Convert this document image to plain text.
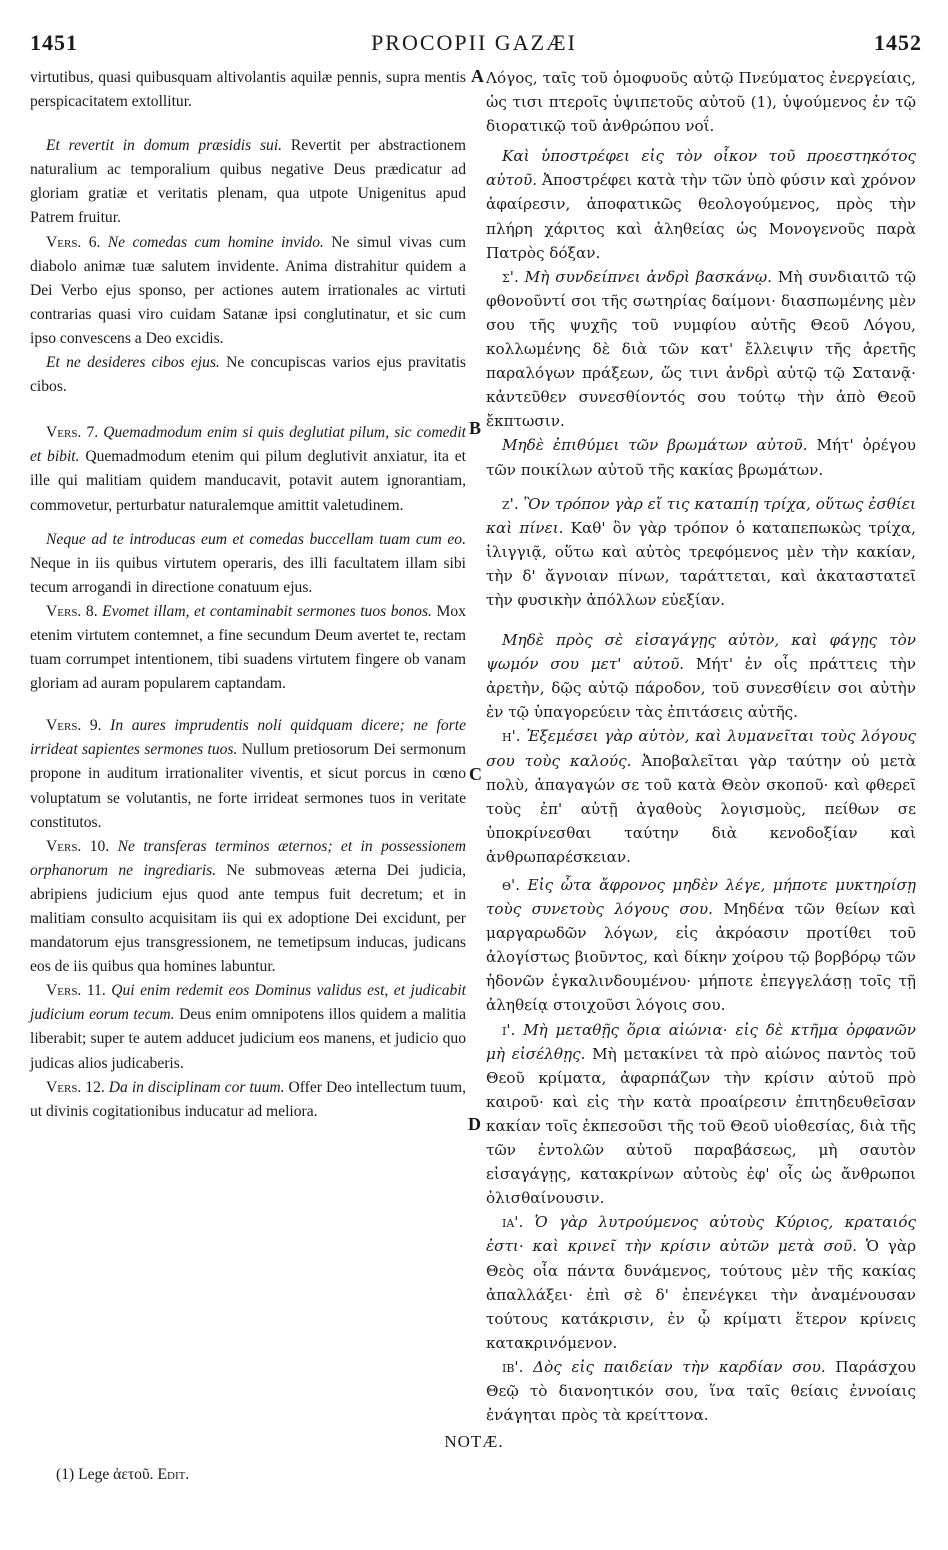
1451	PROCOPII GAZÆI	1452
A
B
C
D

virtutibus, quasi quibusquam altivolantis aquilæ pennis, supra mentis perspicacitatem extollitur.

Et revertit in domum præsidis sui. Revertit per abstractionem naturalium ac temporalium quibus negative Deus prædicatur ad gloriam gratiæ et veritatis plenam, qua utpote Unigenitus apud Patrem fruitur.

Vers. 6. Ne comedas cum homine invido. Ne simul vivas cum diabolo animæ tuæ salutem invidente. Anima distrahitur quidem a Dei Verbo ejus sponso, per actiones autem irrationales ac virtuti contrarias quasi viro cuidam Satanæ ipsi conglutinatur, et sic cum ipso convescens a Deo excidis.

Et ne desideres cibos ejus. Ne concupiscas varios ejus pravitatis cibos.

Vers. 7. Quemadmodum enim si quis deglutiat pilum, sic comedit et bibit. Quemadmodum etenim qui pilum deglutivit anxiatur, ita et ille qui malitiam quidem manducavit, potavit autem ignorantiam, commovetur, perturbatur naturalemque amittit valetudinem.

Neque ad te introducas eum et comedas buccellam tuam cum eo. Neque in iis quibus virtutem operaris, des illi facultatem illam sibi tecum arrogandi in directione conatuum ejus.

Vers. 8. Evomet illam, et contaminabit sermones tuos bonos. Mox etenim virtutem contemnet, a fine secundum Deum avertet te, rectam tuam corrumpet intentionem, tibi suadens virtutem fingere ob vanam gloriam ad auram popularem captandam.

Vers. 9. In aures imprudentis noli quidquam dicere; ne forte irrideat sapientes sermones tuos. Nullum pretiosorum Dei sermonum propone in auditum irrationaliter viventis, et sicut porcus in cœno voluptatum se volutantis, ne forte irrideat sermones tuos in veritate constitutos.

Vers. 10. Ne transferas terminos æternos; et in possessionem orphanorum ne ingrediaris. Ne submoveas æterna Dei judicia, abripiens judicium ejus quod ante tempus fuit decretum; et in malitiam consulto acquisitam iis qui ex adoptione Dei excidunt, per mandatorum ejus transgressionem, ne temetipsum inducas, judicans eos de iis quibus qua homines labuntur.

Vers. 11. Qui enim redemit eos Dominus validus est, et judicabit judicium eorum tecum. Deus enim omnipotens illos quidem a malitia liberabit; super te autem adducet judicium eos manens, et judicio quo judicas alios judicaberis.

Vers. 12. Da in disciplinam cor tuum. Offer Deo intellectum tuum, ut divinis cogitationibus inducatur ad meliora.

Λόγος, ταῖς τοῦ ὁμοφυοῦς αὐτῷ Πνεύματος ἐνεργείαις, ὡς τισι πτεροῖς ὑψιπετοῦς αὐτοῦ (1), ὑψούμενος ἐν τῷ διορατικῷ τοῦ ἀνθρώπου νοΐ.

Καὶ ὑποστρέφει εἰς τὸν οἶκον τοῦ προεστηκότος αὐτοῦ. Ἀποστρέφει κατὰ τὴν τῶν ὑπὸ φύσιν καὶ χρόνον ἀφαίρεσιν, ἀποφατικῶς θεολογούμενος, πρὸς τὴν πλήρη χάριτος καὶ ἀληθείας ὡς Μονογενοῦς παρὰ Πατρὸς δόξαν.

ς'. Μὴ συνδείπνει ἀνδρὶ βασκάνῳ. Μὴ συνδιαιτῶ τῷ φθονοῦντί σοι τῆς σωτηρίας δαίμονι· διασπωμένης μὲν σου τῆς ψυχῆς τοῦ νυμφίου αὐτῆς Θεοῦ Λόγου, κολλωμένης δὲ διὰ τῶν κατ' ἔλλειψιν τῆς ἀρετῆς παραλόγων πράξεων, ὥς τινι ἀνδρὶ αὐτῷ τῷ Σατανᾷ· κἀντεῦθεν συνεσθίοντός σου τούτῳ τὴν ἀπὸ Θεοῦ ἔκπτωσιν.

Μηδὲ ἐπιθύμει τῶν βρωμάτων αὐτοῦ. Μήτ' ὀρέγου τῶν ποικίλων αὐτοῦ τῆς κακίας βρωμάτων.

ζ'. Ὃν τρόπον γὰρ εἴ τις καταπίῃ τρίχα, οὕτως ἐσθίει καὶ πίνει. Καθ' ὃν γὰρ τρόπον ὁ καταπεπωκὼς τρίχα, ἰλιγγιᾷ, οὕτω καὶ αὐτὸς τρεφόμενος μὲν τὴν κακίαν, τὴν δ' ἄγνοιαν πίνων, ταράττεται, καὶ ἀκαταστατεῖ τὴν φυσικὴν ἀπόλλων εὐεξίαν.

Μηδὲ πρὸς σὲ εἰσαγάγῃς αὐτὸν, καὶ φάγῃς τὸν ψωμόν σου μετ' αὐτοῦ. Μήτ' ἐν οἷς πράττεις τὴν ἀρετὴν, δῷς αὐτῷ πάροδον, τοῦ συνεσθίειν σοι αὐτὴν ἐν τῷ ὑπαγορεύειν τὰς ἐπιτάσεις αὐτῆς.

η'. Ἐξεμέσει γὰρ αὐτὸν, καὶ λυμανεῖται τοὺς λόγους σου τοὺς καλούς. Ἀποβαλεῖται γὰρ ταύτην οὐ μετὰ πολὺ, ἀπαγαγών σε τοῦ κατὰ Θεὸν σκοποῦ· καὶ φθερεῖ τοὺς ἐπ' αὐτῇ ἀγαθοὺς λογισμοὺς, πείθων σε ὑποκρίνεσθαι ταύτην διὰ κενοδοξίαν καὶ ἀνθρωπαρέσκειαν.

θ'. Εἰς ὦτα ἄφρονος μηδὲν λέγε, μήποτε μυκτηρίσῃ τοὺς συνετοὺς λόγους σου. Μηδένα τῶν θείων καὶ μαργαρωδῶν λόγων, εἰς ἀκρόασιν προτίθει τοῦ ἀλογίστως βιοῦντος, καὶ δίκην χοίρου τῷ βορβόρῳ τῶν ἡδονῶν ἐγκαλινδουμένου· μήποτε ἐπεγγελάσῃ τοῖς τῇ ἀληθείᾳ στοιχοῦσι λόγοις σου.

ι'. Μὴ μεταθῇς ὅρια αἰώνια· εἰς δὲ κτῆμα ὀρφανῶν μὴ εἰσέλθῃς. Μὴ μετακίνει τὰ πρὸ αἰώνος παντὸς τοῦ Θεοῦ κρίματα, ἀφαρπάζων τὴν κρίσιν αὐτοῦ πρὸ καιροῦ· καὶ εἰς τὴν κατὰ προαίρεσιν ἐπιτηδευθεῖσαν κακίαν τοῖς ἐκπεσοῦσι τῆς τοῦ Θεοῦ υἱοθεσίας, διὰ τῆς τῶν ἐντολῶν αὐτοῦ παραβάσεως, μὴ σαυτὸν εἰσαγάγῃς, κατακρίνων αὐτοὺς ἐφ' οἷς ὡς ἄνθρωποι ὀλισθαίνουσιν.

ια'. Ὁ γὰρ λυτρούμενος αὐτοὺς Κύριος, κραταιός ἐστι· καὶ κρινεῖ τὴν κρίσιν αὐτῶν μετὰ σοῦ. Ὁ γὰρ Θεὸς οἷα πάντα δυνάμενος, τούτους μὲν τῆς κακίας ἀπαλλάξει· ἐπὶ σὲ δ' ἐπενέγκει τὴν ἀναμένουσαν τούτους κατάκρισιν, ἐν ᾧ κρίματι ἕτερον κρίνεις κατακρινόμενον.

ιβ'. Δὸς εἰς παιδείαν τὴν καρδίαν σου. Παράσχου Θεῷ τὸ διανοητικόν σου, ἵνα ταῖς θείαις ἐννοίαις ἐνάγηται πρὸς τὰ κρείττονα.

NOTÆ.
(1) Lege ἀετοῦ. Edit.
